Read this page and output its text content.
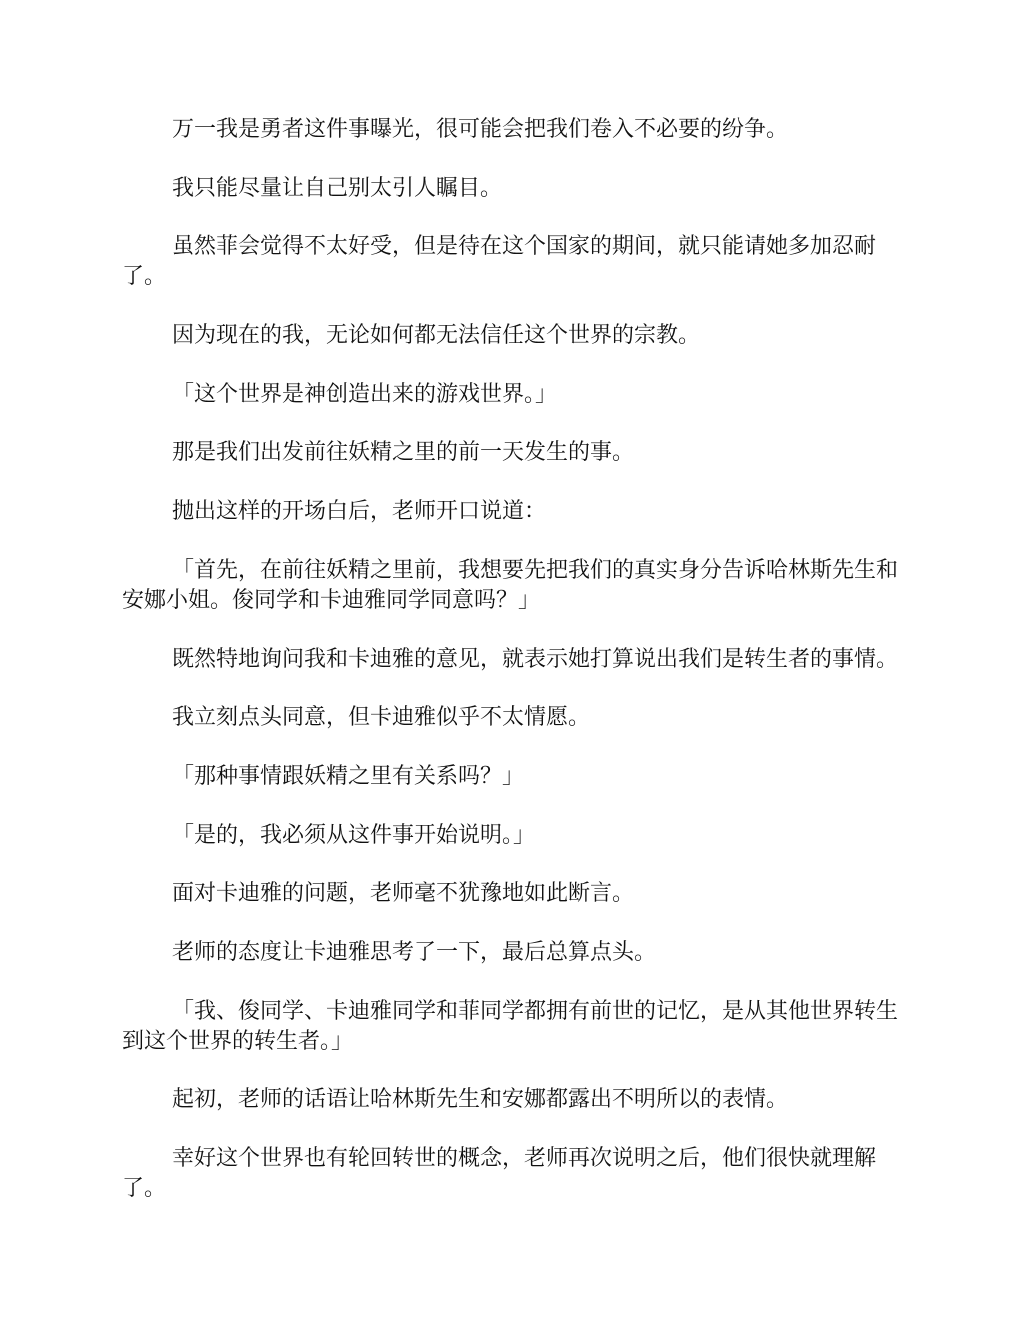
万一我是勇者这件事曝光，很可能会把我们卷入不必要的纷争。

我只能尽量让自己别太引人瞩目。

虽然菲会觉得不太好受，但是待在这个国家的期间，就只能请她多加忍耐了。

因为现在的我，无论如何都无法信任这个世界的宗教。

「这个世界是神创造出来的游戏世界。」

那是我们出发前往妖精之里的前一天发生的事。

抛出这样的开场白后，老师开口说道：

「首先，在前往妖精之里前，我想要先把我们的真实身分告诉哈林斯先生和安娜小姐。俊同学和卡迪雅同学同意吗？」

既然特地询问我和卡迪雅的意见，就表示她打算说出我们是转生者的事情。

我立刻点头同意，但卡迪雅似乎不太情愿。

「那种事情跟妖精之里有关系吗？」

「是的，我必须从这件事开始说明。」

面对卡迪雅的问题，老师毫不犹豫地如此断言。

老师的态度让卡迪雅思考了一下，最后总算点头。

「我、俊同学、卡迪雅同学和菲同学都拥有前世的记忆，是从其他世界转生到这个世界的转生者。」

起初，老师的话语让哈林斯先生和安娜都露出不明所以的表情。

幸好这个世界也有轮回转世的概念，老师再次说明之后，他们很快就理解了。
